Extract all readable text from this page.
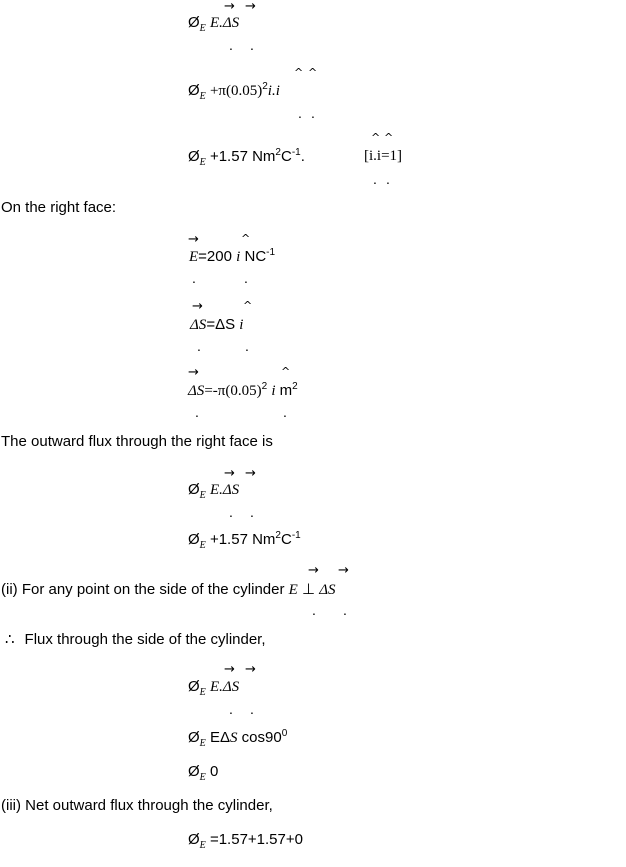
$Ø_E$ E.ΔS
→ →
. .
$Ø_E +\pi(0.05)^2i.i$
^ ^
. .
$Ø_E +1.57$ $Nm^2C^{-1}$.	[i.i=1]
^ ^
. .
On the right face:
→	^
E=200 i $NC^{-1}$
.	.
→	^
ΔS=ΔS i
.	.
→	^
$\Delta S=-\pi(0.05)^2$ i $m^2$
.	.
The outward flux through the right face is
→ →
$Ø_E$ E.ΔS
. .
$Ø_E +1.57$ $Nm^2C^{-1}$
→ →
(ii) For any point on the side of the cylinder E ⊥ ΔS
. .
∴ Flux through the side of the cylinder,
→ →
$Ø_E$ E.ΔS
. .
$Ø_E$ EΔS $\cos 90^0$
$Ø_E$ 0
(iii) Net outward flux through the cylinder,
$Ø_E =1.57+1.57+0$
